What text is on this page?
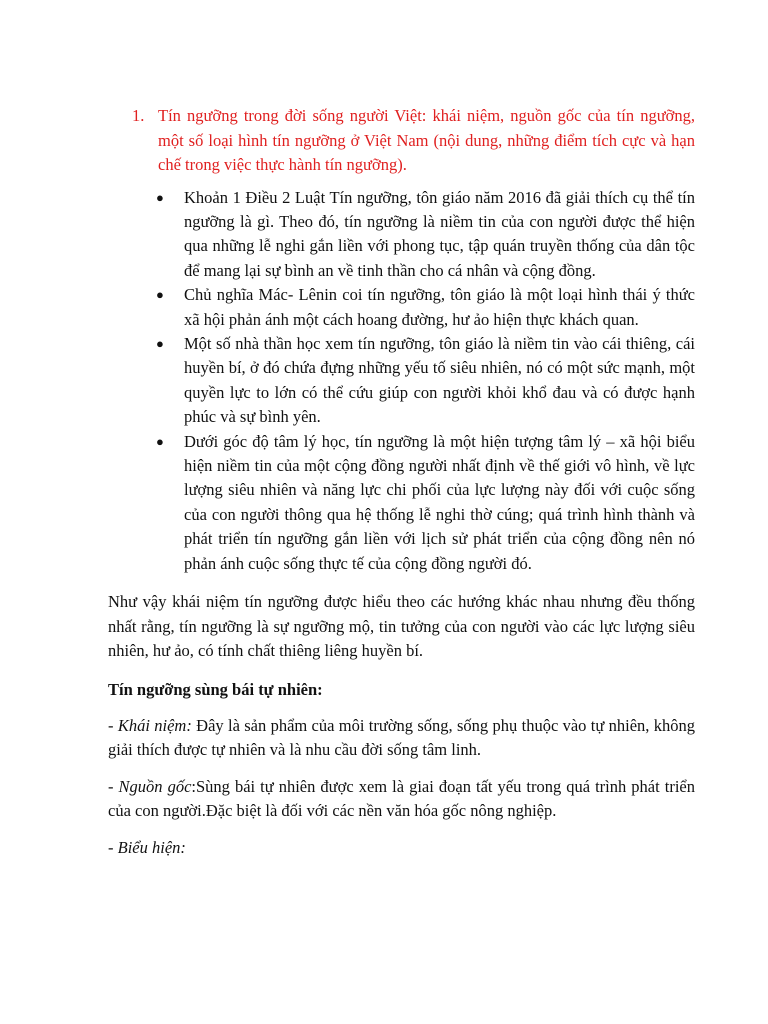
1. Tín ngưỡng trong đời sống người Việt: khái niệm, nguồn gốc của tín ngưỡng, một số loại hình tín ngưỡng ở Việt Nam (nội dung, những điểm tích cực và hạn chế trong việc thực hành tín ngưỡng).
● Khoản 1 Điều 2 Luật Tín ngưỡng, tôn giáo năm 2016 đã giải thích cụ thể tín ngưỡng là gì. Theo đó, tín ngưỡng là niềm tin của con người được thể hiện qua những lễ nghi gắn liền với phong tục, tập quán truyền thống của dân tộc để mang lại sự bình an về tinh thần cho cá nhân và cộng đồng.
● Chủ nghĩa Mác- Lênin coi tín ngưỡng, tôn giáo là một loại hình thái ý thức xã hội phản ánh một cách hoang đường, hư ảo hiện thực khách quan.
● Một số nhà thần học xem tín ngưỡng, tôn giáo là niềm tin vào cái thiêng, cái huyền bí, ở đó chứa đựng những yếu tố siêu nhiên, nó có một sức mạnh, một quyền lực to lớn có thể cứu giúp con người khỏi khổ đau và có được hạnh phúc và sự bình yên.
● Dưới góc độ tâm lý học, tín ngưỡng là một hiện tượng tâm lý – xã hội biểu hiện niềm tin của một cộng đồng người nhất định về thế giới vô hình, về lực lượng siêu nhiên và năng lực chi phối của lực lượng này đối với cuộc sống của con người thông qua hệ thống lễ nghi thờ cúng; quá trình hình thành và phát triển tín ngưỡng gắn liền với lịch sử phát triển của cộng đồng nên nó phản ánh cuộc sống thực tế của cộng đồng người đó.

Như vậy khái niệm tín ngưỡng được hiểu theo các hướng khác nhau nhưng đều thống nhất rằng, tín ngưỡng là sự ngưỡng mộ, tin tưởng của con người vào các lực lượng siêu nhiên, hư ảo, có tính chất thiêng liêng huyền bí.

Tín ngưỡng sùng bái tự nhiên:

- Khái niệm: Đây là sản phẩm của môi trường sống, sống phụ thuộc vào tự nhiên, không giải thích được tự nhiên và là nhu cầu đời sống tâm linh.

- Nguồn gốc:Sùng bái tự nhiên được xem là giai đoạn tất yếu trong quá trình phát triển của con người.Đặc biệt là đối với các nền văn hóa gốc nông nghiệp.

- Biểu hiện:
